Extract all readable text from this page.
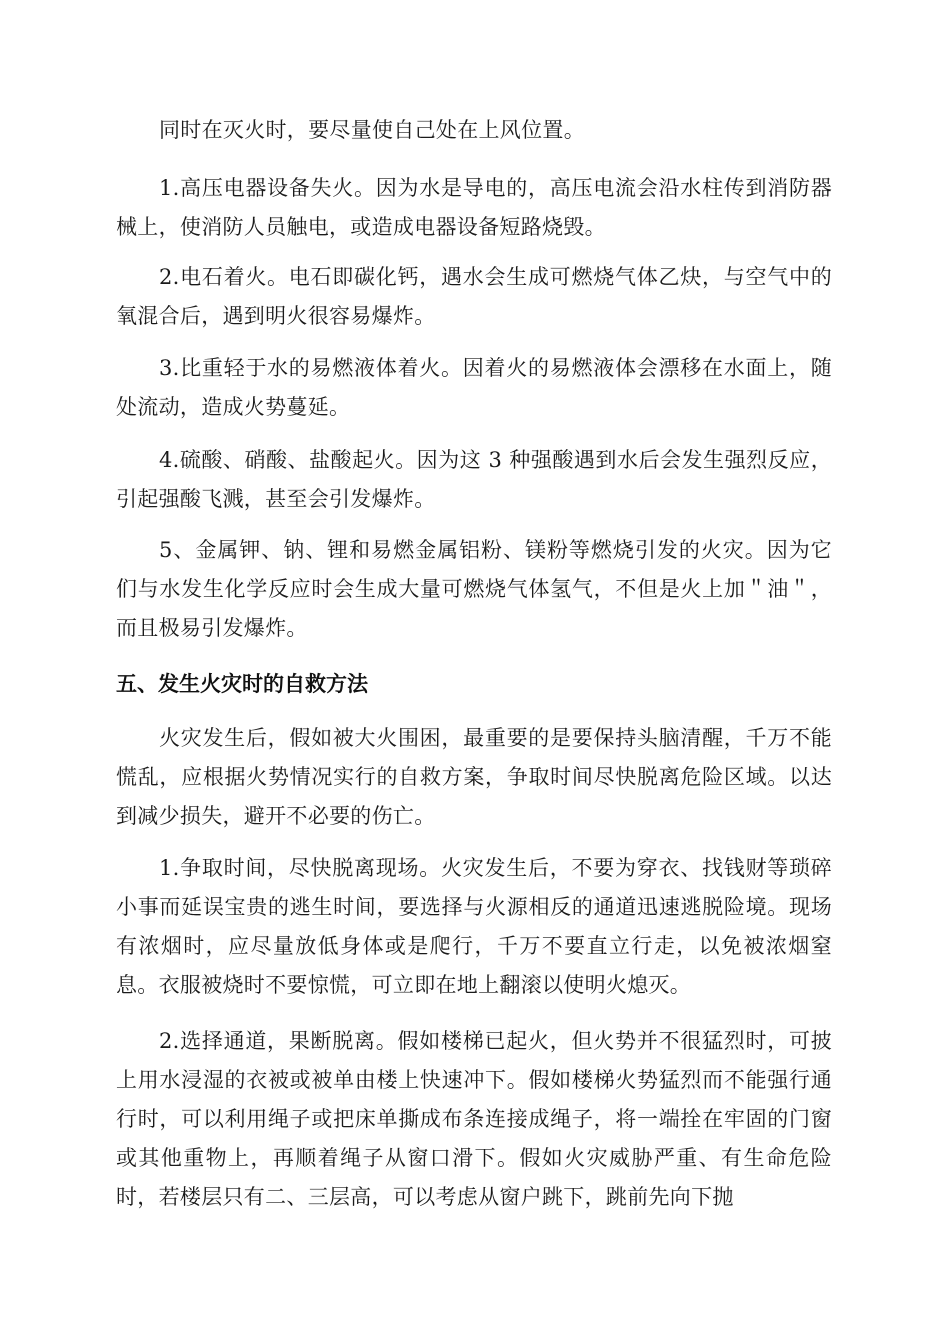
同时在灭火时，要尽量使自己处在上风位置。

1.高压电器设备失火。因为水是导电的，高压电流会沿水柱传到消防器械上，使消防人员触电，或造成电器设备短路烧毁。

2.电石着火。电石即碳化钙，遇水会生成可燃烧气体乙炔，与空气中的氧混合后，遇到明火很容易爆炸。

3.比重轻于水的易燃液体着火。因着火的易燃液体会漂移在水面上，随处流动，造成火势蔓延。

4.硫酸、硝酸、盐酸起火。因为这 3 种强酸遇到水后会发生强烈反应，引起强酸飞溅，甚至会引发爆炸。

5、金属钾、钠、锂和易燃金属铝粉、镁粉等燃烧引发的火灾。因为它们与水发生化学反应时会生成大量可燃烧气体氢气，不但是火上加＂油＂，而且极易引发爆炸。

五、发生火灾时的自救方法

火灾发生后，假如被大火围困，最重要的是要保持头脑清醒，千万不能慌乱，应根据火势情况实行的自救方案，争取时间尽快脱离危险区域。以达到减少损失，避开不必要的伤亡。

1.争取时间，尽快脱离现场。火灾发生后，不要为穿衣、找钱财等琐碎小事而延误宝贵的逃生时间，要选择与火源相反的通道迅速逃脱险境。现场有浓烟时，应尽量放低身体或是爬行，千万不要直立行走，以免被浓烟窒息。衣服被烧时不要惊慌，可立即在地上翻滚以使明火熄灭。

2.选择通道，果断脱离。假如楼梯已起火，但火势并不很猛烈时，可披上用水浸湿的衣被或被单由楼上快速冲下。假如楼梯火势猛烈而不能强行通行时，可以利用绳子或把床单撕成布条连接成绳子，将一端拴在牢固的门窗或其他重物上，再顺着绳子从窗口滑下。假如火灾威胁严重、有生命危险时，若楼层只有二、三层高，可以考虑从窗户跳下，跳前先向下抛
